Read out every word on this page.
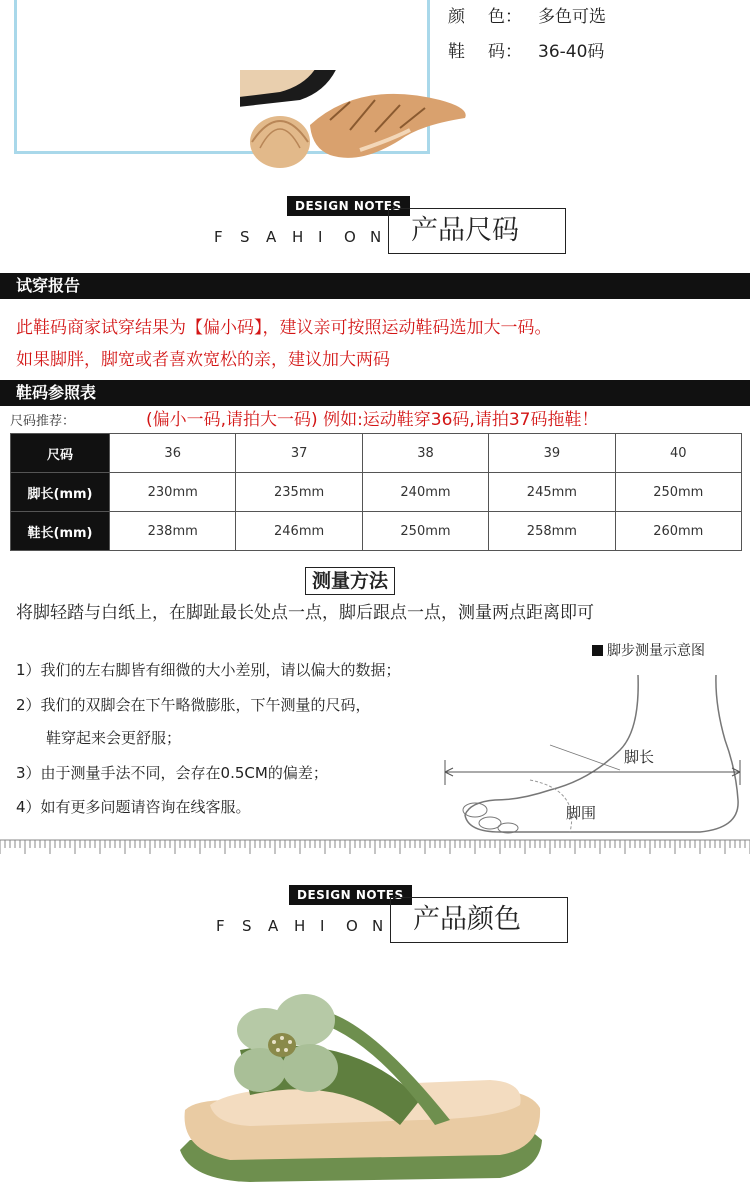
颜 色： 多色可选
鞋 码： 36-40码
DESIGN NOTES
F S A H I O N	产品尺码
试穿报告
此鞋码商家试穿结果为【偏小码】，建议亲可按照运动鞋码选加大一码。
如果脚胖，脚宽或者喜欢宽松的亲，建议加大两码
鞋码参照表
尺码推荐：	(偏小一码,请拍大一码) 例如:运动鞋穿36码,请拍37码拖鞋！
尺码	36	37	38	39	40
脚长(mm)	230mm	235mm	240mm	245mm	250mm
鞋长(mm)	238mm	246mm	250mm	258mm	260mm
测量方法
将脚轻踏与白纸上，在脚趾最长处点一点，脚后跟点一点，测量两点距离即可
1）我们的左右脚皆有细微的大小差别，请以偏大的数据；
2）我们的双脚会在下午略微膨胀，下午测量的尺码，
鞋穿起来会更舒服；
3）由于测量手法不同，会存在0.5CM的偏差；
4）如有更多问题请咨询在线客服。
脚步测量示意图
脚长
脚围
DESIGN NOTES
F S A H I O N	产品颜色
